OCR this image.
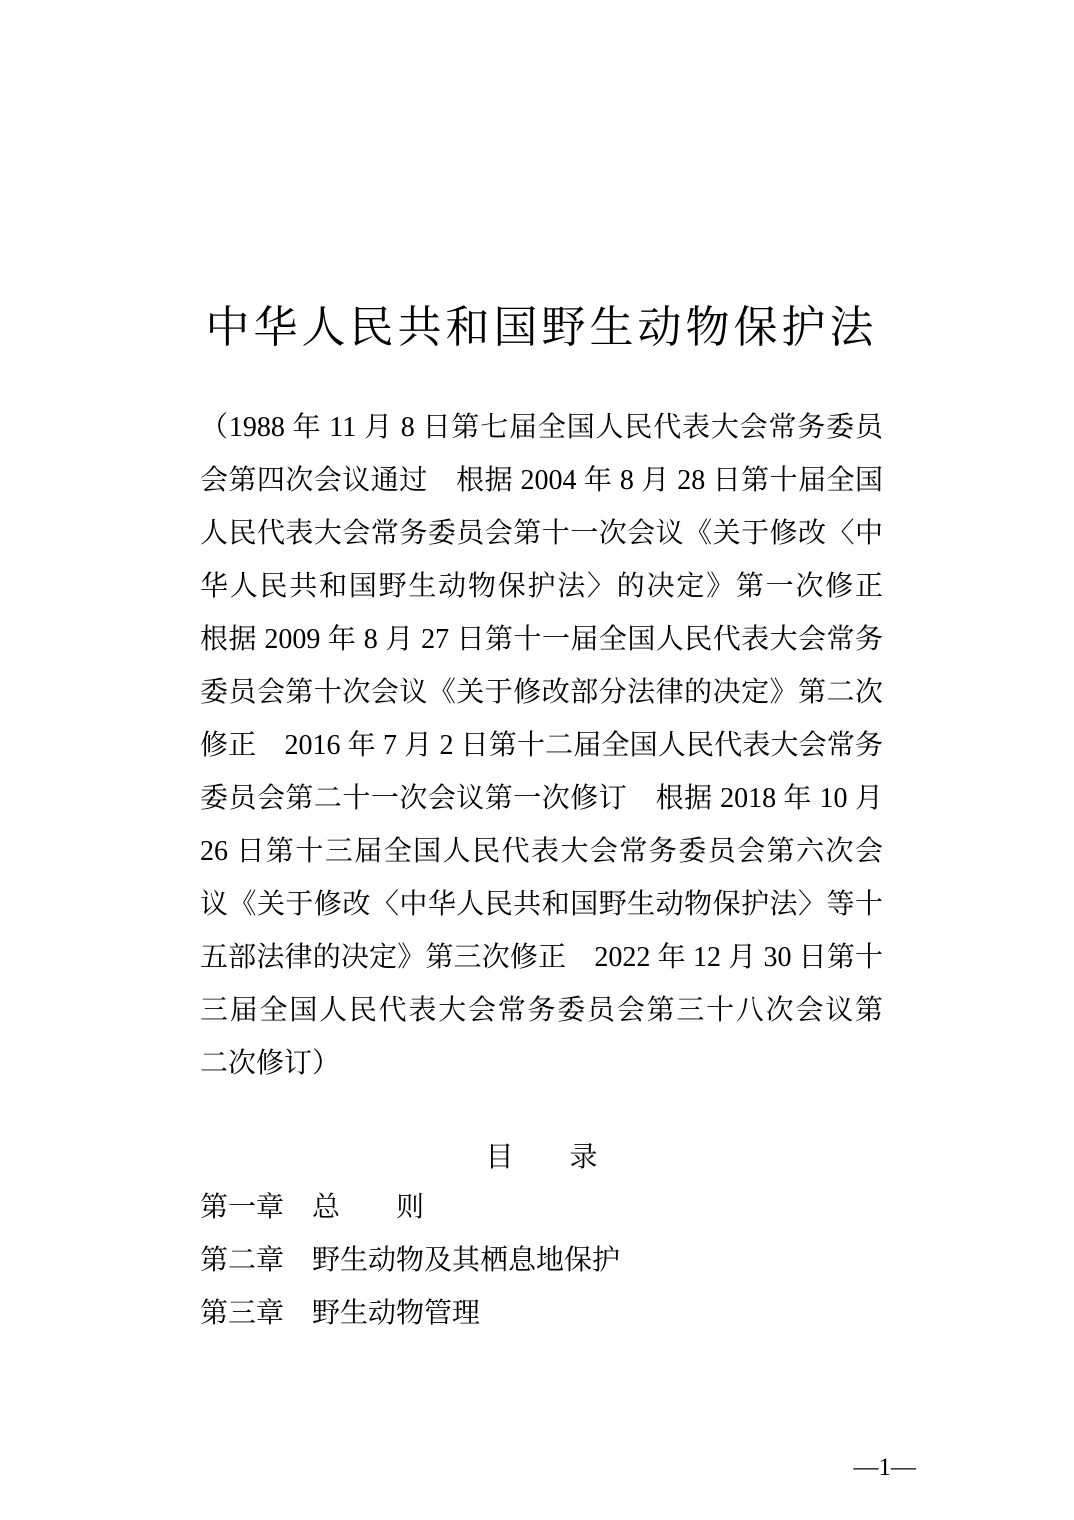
中华人民共和国野生动物保护法
（1988 年 11 月 8 日第七届全国人民代表大会常务委员
会第四次会议通过　根据 2004 年 8 月 28 日第十届全国
人民代表大会常务委员会第十一次会议《关于修改〈中
华人民共和国野生动物保护法〉的决定》第一次修正
根据 2009 年 8 月 27 日第十一届全国人民代表大会常务
委员会第十次会议《关于修改部分法律的决定》第二次
修正　2016 年 7 月 2 日第十二届全国人民代表大会常务
委员会第二十一次会议第一次修订　根据 2018 年 10 月
26 日第十三届全国人民代表大会常务委员会第六次会
议《关于修改〈中华人民共和国野生动物保护法〉等十
五部法律的决定》第三次修正　2022 年 12 月 30 日第十
三届全国人民代表大会常务委员会第三十八次会议第
二次修订）
目　　录
第一章 总　　则
第二章 野生动物及其栖息地保护
第三章 野生动物管理
—1—
